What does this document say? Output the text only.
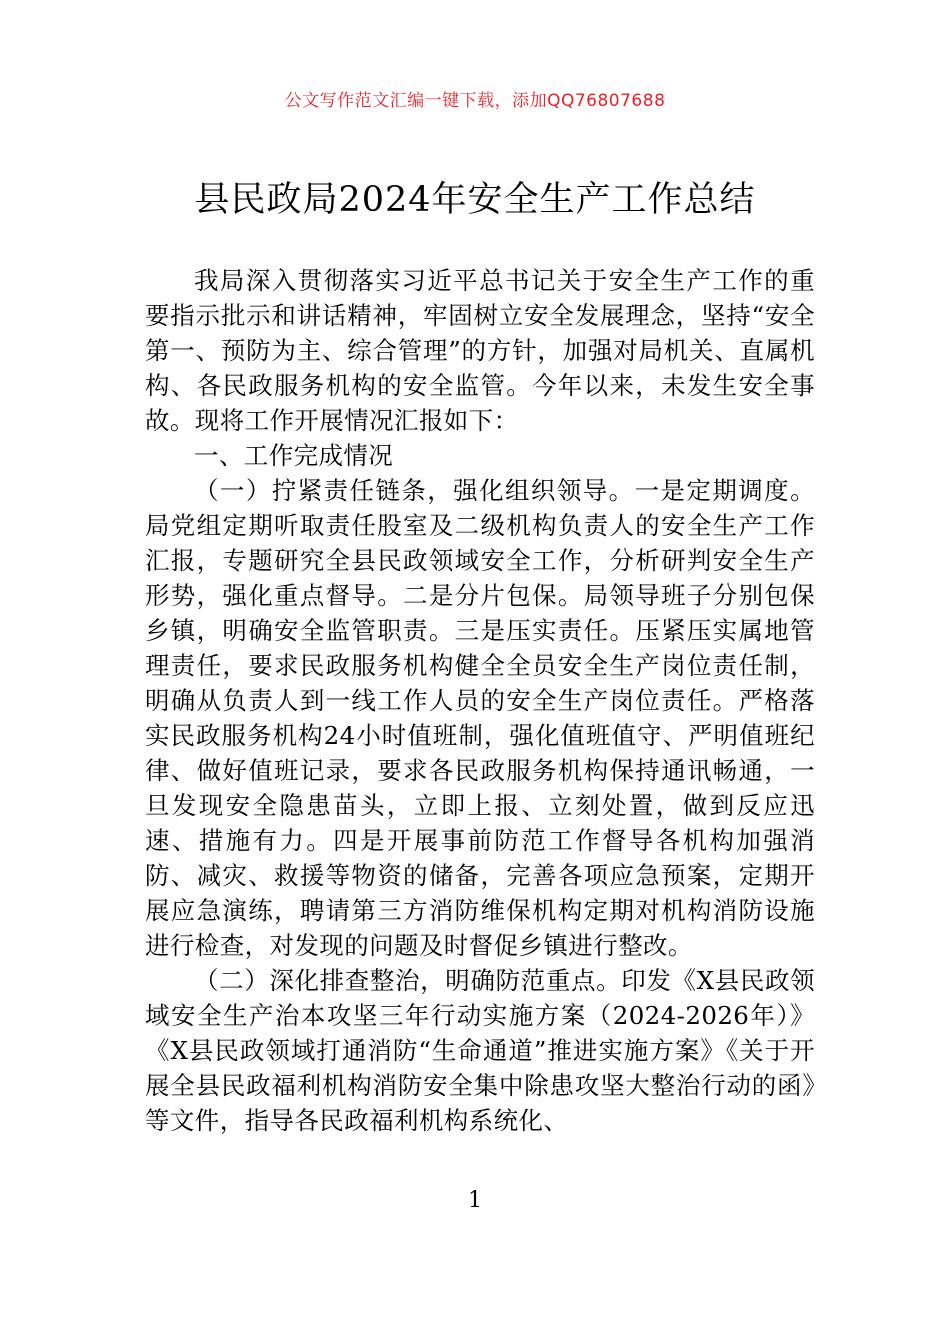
公文写作范文汇编一键下载，添加QQ76807688
县民政局2024年安全生产工作总结

我局深入贯彻落实习近平总书记关于安全生产工作的重要指示批示和讲话精神，牢固树立安全发展理念，坚持“安全第一、预防为主、综合管理”的方针，加强对局机关、直属机构、各民政服务机构的安全监管。今年以来，未发生安全事故。现将工作开展情况汇报如下：

一、工作完成情况

（一）拧紧责任链条，强化组织领导。一是定期调度。局党组定期听取责任股室及二级机构负责人的安全生产工作汇报，专题研究全县民政领域安全工作，分析研判安全生产形势，强化重点督导。二是分片包保。局领导班子分别包保乡镇，明确安全监管职责。三是压实责任。压紧压实属地管理责任，要求民政服务机构健全全员安全生产岗位责任制，明确从负责人到一线工作人员的安全生产岗位责任。严格落实民政服务机构24小时值班制，强化值班值守、严明值班纪律、做好值班记录，要求各民政服务机构保持通讯畅通，一旦发现安全隐患苗头，立即上报、立刻处置，做到反应迅速、措施有力。四是开展事前防范工作督导各机构加强消防、减灾、救援等物资的储备，完善各项应急预案，定期开展应急演练，聘请第三方消防维保机构定期对机构消防设施进行检查，对发现的问题及时督促乡镇进行整改。

（二）深化排查整治，明确防范重点。印发《X县民政领域安全生产治本攻坚三年行动实施方案（2024-2026年）》《X县民政领域打通消防“生命通道”推进实施方案》《关于开展全县民政福利机构消防安全集中除患攻坚大整治行动的函》等文件，指导各民政福利机构系统化、

1
